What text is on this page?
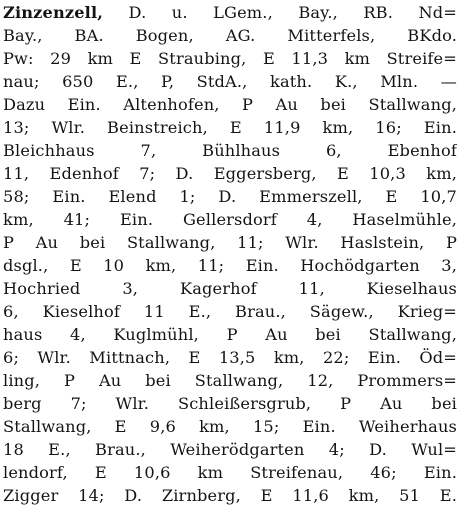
Zinzenzell, D. u. LGem., Bay., RB. Nd=
Bay., BA. Bogen, AG. Mitterfels, BKdo.
Pw: 29 km E Straubing, E 11,3 km Streife=
nau; 650 E., P, StdA., kath. K., Mln. —
Dazu Ein. Altenhofen, P Au bei Stallwang,
13; Wlr. Beinstreich, E 11,9 km, 16; Ein.
Bleichhaus 7, Bühlhaus 6, Ebenhof
11, Edenhof 7; D. Eggersberg, E 10,3 km,
58; Ein. Elend 1; D. Emmerszell, E 10,7
km, 41; Ein. Gellersdorf 4, Haselmühle,
P Au bei Stallwang, 11; Wlr. Haslstein, P
dsgl., E 10 km, 11; Ein. Hochödgarten 3,
Hochried 3, Kagerhof 11, Kieselhaus
6, Kieselhof 11 E., Brau., Sägew., Krieg=
haus 4, Kuglmühl, P Au bei Stallwang,
6; Wlr. Mittnach, E 13,5 km, 22; Ein. Öd=
ling, P Au bei Stallwang, 12, Prommers=
berg 7; Wlr. Schleißersgrub, P Au bei
Stallwang, E 9,6 km, 15; Ein. Weiherhaus
18 E., Brau., Weiherödgarten 4; D. Wul=
lendorf, E 10,6 km Streifenau, 46; Ein.
Zigger 14; D. Zirnberg, E 11,6 km, 51 E.
